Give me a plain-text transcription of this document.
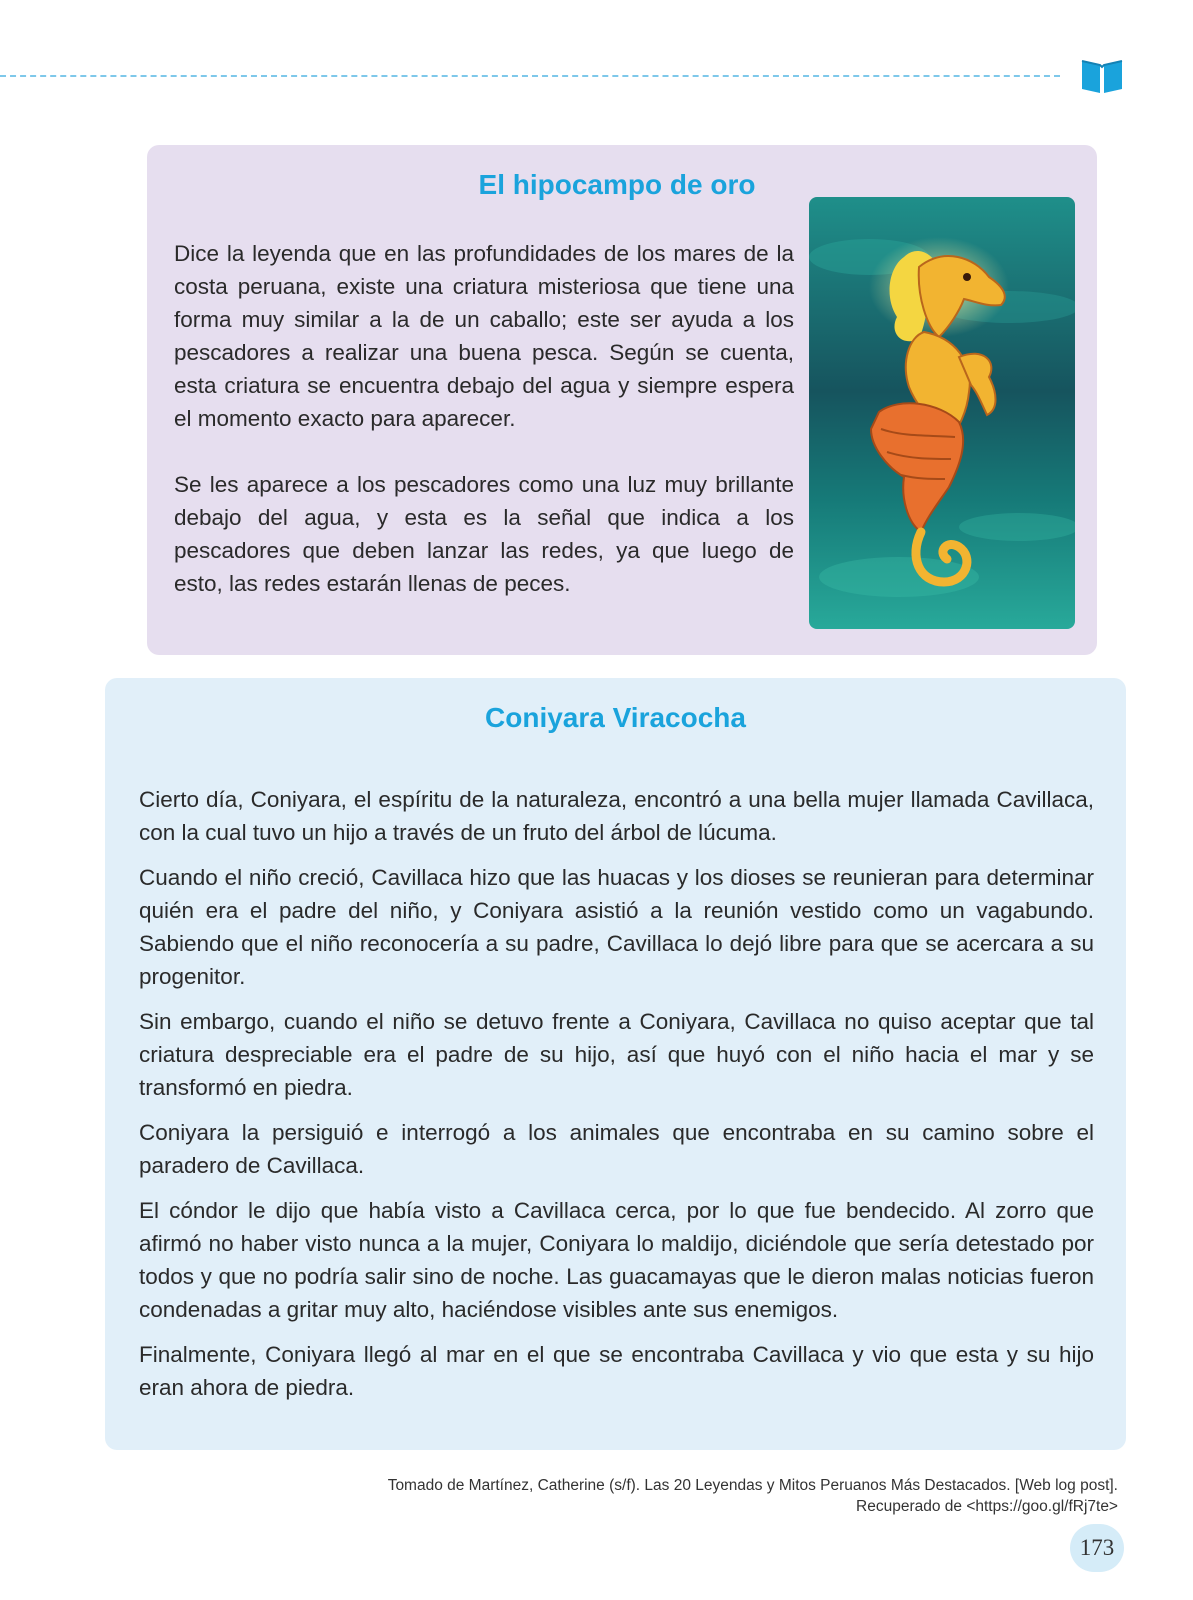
El hipocampo de oro

Dice la leyenda que en las profundidades de los mares de la costa peruana, existe una criatura misteriosa que tiene una forma muy similar a la de un caballo; este ser ayuda a los pescadores a realizar una buena pesca. Según se cuenta, esta criatura se encuentra debajo del agua y siempre espera el momento exacto para aparecer.

Se les aparece a los pescadores como una luz muy brillante debajo del agua, y esta es la señal que indica a los pescadores que deben lanzar las redes, ya que luego de esto, las redes estarán llenas de peces.

Coniyara Viracocha

Cierto día, Coniyara, el espíritu de la naturaleza, encontró a una bella mujer llamada Cavillaca, con la cual tuvo un hijo a través de un fruto del árbol de lúcuma.

Cuando el niño creció, Cavillaca hizo que las huacas y los dioses se reunieran para determinar quién era el padre del niño, y Coniyara asistió a la reunión vestido como un vagabundo. Sabiendo que el niño reconocería a su padre, Cavillaca lo dejó libre para que se acercara a su progenitor.

Sin embargo, cuando el niño se detuvo frente a Coniyara, Cavillaca no quiso aceptar que tal criatura despreciable era el padre de su hijo, así que huyó con el niño hacia el mar y se transformó en piedra.

Coniyara la persiguió e interrogó a los animales que encontraba en su camino sobre el paradero de Cavillaca.

El cóndor le dijo que había visto a Cavillaca cerca, por lo que fue bendecido. Al zorro que afirmó no haber visto nunca a la mujer, Coniyara lo maldijo, diciéndole que sería detestado por todos y que no podría salir sino de noche. Las guacamayas que le dieron malas noticias fueron condenadas a gritar muy alto, haciéndose visibles ante sus enemigos.

Finalmente, Coniyara llegó al mar en el que se encontraba Cavillaca y vio que esta y su hijo eran ahora de piedra.

Tomado de Martínez, Catherine (s/f). Las 20 Leyendas y Mitos Peruanos Más Destacados. [Web log post].
Recuperado de <https://goo.gl/fRj7te>
173
